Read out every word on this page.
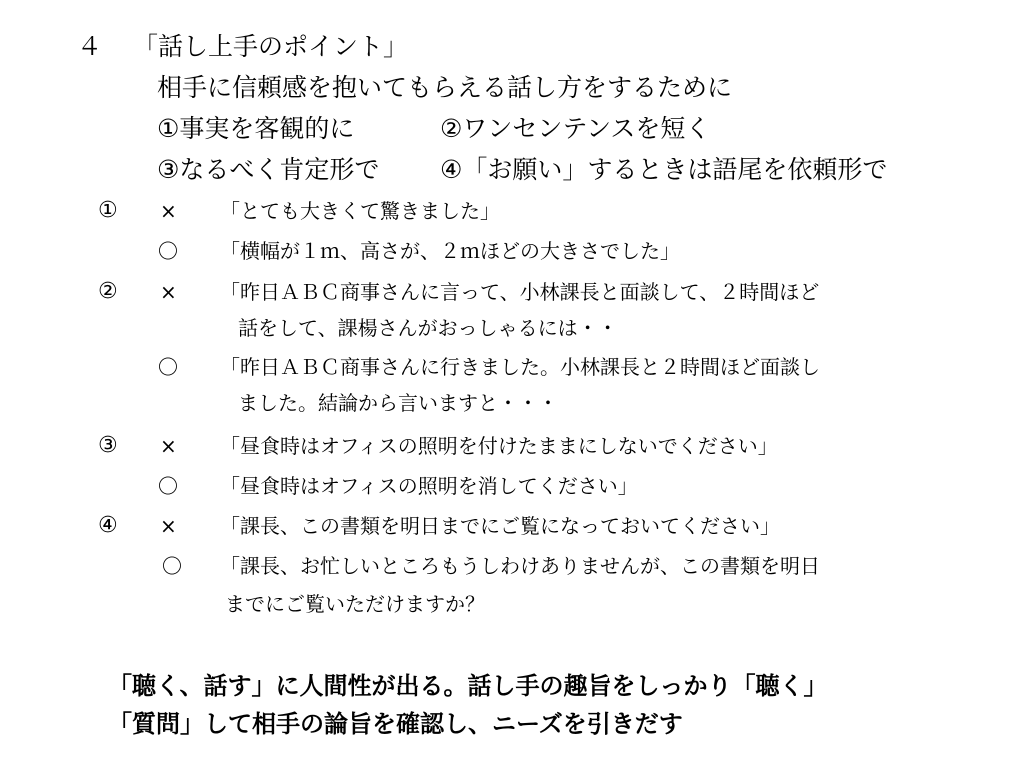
４ 「話し上手のポイント」
相手に信頼感を抱いてもらえる話し方をするために
①事実を客観的に	②ワンセンテンスを短く
③なるべく肯定形で ④「お願い」するときは語尾を依頼形で
① × 「とても大きくて驚きました」
〇 「横幅が１ｍ、高さが、２ｍほどの大きさでした」
② × 「昨日ＡＢＣ商事さんに言って、小林課長と面談して、２時間ほど
話をして、課楊さんがおっしゃるには・・
〇 「昨日ＡＢＣ商事さんに行きました。小林課長と２時間ほど面談し
ました。結論から言いますと・・・
③ × 「昼食時はオフィスの照明を付けたままにしないでください」
〇 「昼食時はオフィスの照明を消してください」
④ × 「課長、この書類を明日までにご覧になっておいてください」
〇 「課長、お忙しいところもうしわけありませんが、この書類を明日
までにご覧いただけますか？
「聴く、話す」に人間性が出る。話し手の趣旨をしっかり「聴く」
「質問」して相手の論旨を確認し、ニーズを引きだす
